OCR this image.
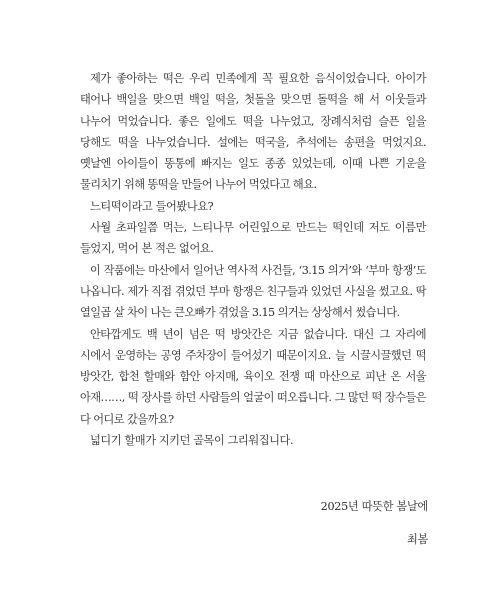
제가 좋아하는 떡은 우리 민족에게 꼭 필요한 음식이었습니다. 아이가 태어나 백일을 맞으면 백일 떡을, 첫돌을 맞으면 돌떡을 해 서 이웃들과 나누어 먹었습니다. 좋은 일에도 떡을 나누었고, 장례식처럼 슬픈 일을 당해도 떡을 나누었습니다. 설에는 떡국을, 추석에는 송편을 먹었지요. 옛날엔 아이들이 똥통에 빠지는 일도 종종 있었는데, 이때 나쁜 기운을 물리치기 위해 똥떡을 만들어 나누어 먹었다고 해요.

느티떡이라고 들어봤나요?

사월 초파일쯤 먹는, 느티나무 어린잎으로 만드는 떡인데 저도 이름만 들었지, 먹어 본 적은 없어요.

이 작품에는 마산에서 일어난 역사적 사건들, ‘3.15 의거’와 ‘부마 항쟁’도 나옵니다. 제가 직접 겪었던 부마 항쟁은 친구들과 있었던 사실을 썼고요. 딱 열일곱 살 차이 나는 큰오빠가 겪었을 3.15 의거는 상상해서 썼습니다.

안타깝게도 백 년이 넘은 떡 방앗간은 지금 없습니다. 대신 그 자리에 시에서 운영하는 공영 주차장이 들어섰기 때문이지요. 늘 시끌시끌했던 떡 방앗간, 합천 할매와 함안 아지매, 육이오 전쟁 때 마산으로 피난 온 서울 아재……, 떡 장사를 하던 사람들의 얼굴이 떠오릅니다. 그 많던 떡 장수들은 다 어디로 갔을까요?

넓디기 할매가 지키던 골목이 그리워집니다.

2025년 따뜻한 봄날에
최봄
